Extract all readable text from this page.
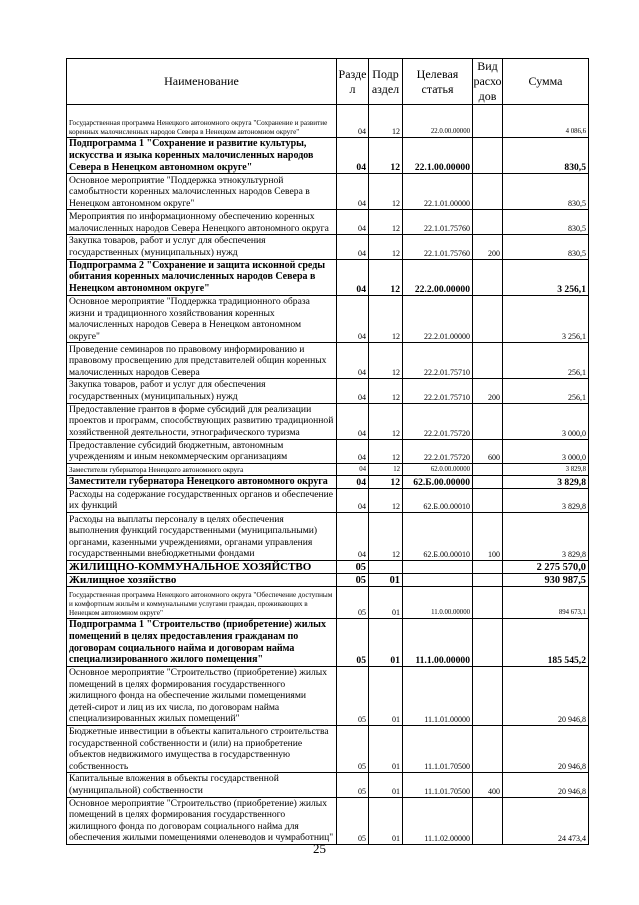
Наименование	Разде л	Подр аздел	Целевая статья	Вид расхо дов	Сумма
Государственная программа Ненецкого автономного округа "Сохранение и развитие коренных малочисленных народов Севера в Ненецком автономном округе"	04	12	22.0.00.00000		4 086,6
Подпрограмма 1 "Сохранение и развитие культуры, искусства и языка коренных малочисленных народов Севера в Ненецком автономном округе"	04	12	22.1.00.00000		830,5
Основное мероприятие "Поддержка этнокультурной самобытности коренных малочисленных народов Севера в Ненецком автономном округе"	04	12	22.1.01.00000		830,5
Мероприятия по информационному обеспечению коренных малочисленных народов Севера Ненецкого автономного округа	04	12	22.1.01.75760		830,5
Закупка товаров, работ и услуг для обеспечения государственных (муниципальных) нужд	04	12	22.1.01.75760	200	830,5
Подпрограмма 2 "Сохранение и защита исконной среды обитания коренных малочисленных народов Севера в Ненецком автономном округе"	04	12	22.2.00.00000		3 256,1
Основное мероприятие "Поддержка традиционного образа жизни и традиционного хозяйствования коренных малочисленных народов Севера в Ненецком автономном округе"	04	12	22.2.01.00000		3 256,1
Проведение семинаров по правовому информированию и правовому просвещению для представителей общин коренных малочисленных народов Севера	04	12	22.2.01.75710		256,1
Закупка товаров, работ и услуг для обеспечения государственных (муниципальных) нужд	04	12	22.2.01.75710	200	256,1
Предоставление грантов в форме субсидий для реализации проектов и программ, способствующих развитию традиционной хозяйственной деятельности, этнографического туризма	04	12	22.2.01.75720		3 000,0
Предоставление субсидий бюджетным, автономным учреждениям и иным некоммерческим организациям	04	12	22.2.01.75720	600	3 000,0
Заместители губернатора Ненецкого автономного округа	04	12	62.0.00.00000		3 829,8
Заместители губернатора Ненецкого автономного округа	04	12	62.Б.00.00000		3 829,8
Расходы на содержание государственных органов и обеспечение их функций	04	12	62.Б.00.00010		3 829,8
Расходы на выплаты персоналу в целях обеспечения выполнения функций государственными (муниципальными) органами, казенными учреждениями, органами управления государственными внебюджетными фондами	04	12	62.Б.00.00010	100	3 829,8
ЖИЛИЩНО-КОММУНАЛЬНОЕ ХОЗЯЙСТВО	05				2 275 570,0
Жилищное хозяйство	05	01			930 987,5
Государственная программа Ненецкого автономного округа "Обеспечение доступным и комфортным жильём и коммунальными услугами граждан, проживающих в Ненецком автономном округе"	05	01	11.0.00.00000		894 673,1
Подпрограмма 1 "Строительство (приобретение) жилых помещений в целях предоставления гражданам по договорам социального найма и договорам найма специализированного жилого помещения"	05	01	11.1.00.00000		185 545,2
Основное мероприятие "Строительство (приобретение) жилых помещений в целях формирования государственного жилищного фонда на обеспечение жилыми помещениями детей-сирот и лиц из их числа, по договорам найма специализированных жилых помещений"	05	01	11.1.01.00000		20 946,8
Бюджетные инвестиции в объекты капитального строительства государственной собственности и (или) на приобретение объектов недвижимого имущества в государственную собственность	05	01	11.1.01.70500		20 946,8
Капитальные вложения в объекты государственной (муниципальной) собственности	05	01	11.1.01.70500	400	20 946,8
Основное мероприятие "Строительство (приобретение) жилых помещений в целях формирования государственного жилищного фонда по договорам социального найма для обеспечения жилыми помещениями оленеводов и чумработниц"	05	01	11.1.02.00000		24 473,4
25
